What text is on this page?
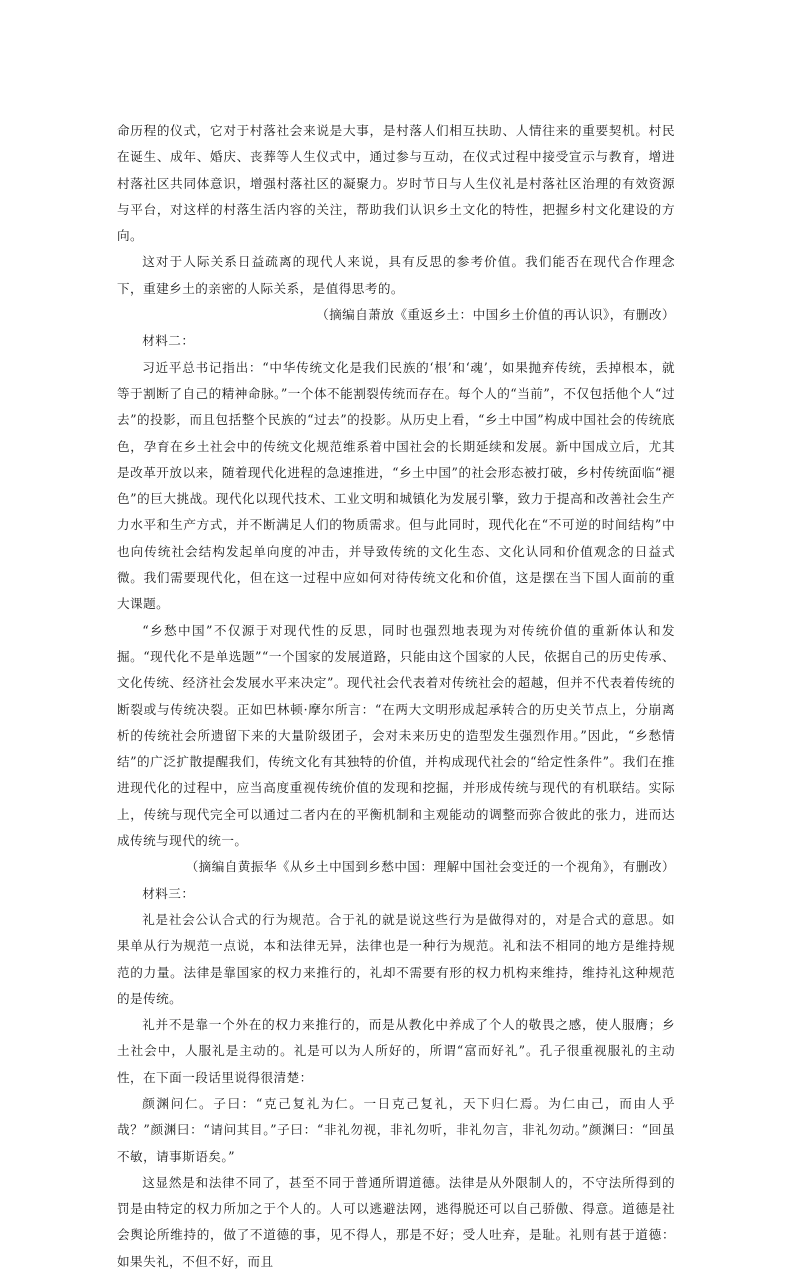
命历程的仪式，它对于村落社会来说是大事，是村落人们相互扶助、人情往来的重要契机。村民在诞生、成年、婚庆、丧葬等人生仪式中，通过参与互动，在仪式过程中接受宣示与教育，增进村落社区共同体意识，增强村落社区的凝聚力。岁时节日与人生仪礼是村落社区治理的有效资源与平台，对这样的村落生活内容的关注，帮助我们认识乡土文化的特性，把握乡村文化建设的方向。

这对于人际关系日益疏离的现代人来说，具有反思的参考价值。我们能否在现代合作理念下，重建乡土的亲密的人际关系，是值得思考的。

（摘编自萧放《重返乡土：中国乡土价值的再认识》，有删改）

材料二：

习近平总书记指出：“中华传统文化是我们民族的‘根’和‘魂’，如果抛弃传统，丢掉根本，就等于割断了自己的精神命脉。”一个体不能割裂传统而存在。每个人的“当前”，不仅包括他个人“过去”的投影，而且包括整个民族的“过去”的投影。从历史上看，“乡土中国”构成中国社会的传统底色，孕育在乡土社会中的传统文化规范维系着中国社会的长期延续和发展。新中国成立后，尤其是改革开放以来，随着现代化进程的急速推进，“乡土中国”的社会形态被打破，乡村传统面临“褪色”的巨大挑战。现代化以现代技术、工业文明和城镇化为发展引擎，致力于提高和改善社会生产力水平和生产方式，并不断满足人们的物质需求。但与此同时，现代化在“不可逆的时间结构”中也向传统社会结构发起单向度的冲击，并导致传统的文化生态、文化认同和价值观念的日益式微。我们需要现代化，但在这一过程中应如何对待传统文化和价值，这是摆在当下国人面前的重大课题。

“乡愁中国”不仅源于对现代性的反思，同时也强烈地表现为对传统价值的重新体认和发掘。“现代化不是单选题”“一个国家的发展道路，只能由这个国家的人民，依据自己的历史传承、文化传统、经济社会发展水平来决定”。现代社会代表着对传统社会的超越，但并不代表着传统的断裂或与传统决裂。正如巴林顿·摩尔所言：“在两大文明形成起承转合的历史关节点上，分崩离析的传统社会所遗留下来的大量阶级团子，会对未来历史的造型发生强烈作用。”因此，“乡愁情结”的广泛扩散提醒我们，传统文化有其独特的价值，并构成现代社会的“给定性条件”。我们在推进现代化的过程中，应当高度重视传统价值的发现和挖掘，并形成传统与现代的有机联结。实际上，传统与现代完全可以通过二者内在的平衡机制和主观能动的调整而弥合彼此的张力，进而达成传统与现代的统一。

（摘编自黄振华《从乡土中国到乡愁中国：理解中国社会变迁的一个视角》，有删改）

材料三：

礼是社会公认合式的行为规范。合于礼的就是说这些行为是做得对的，对是合式的意思。如果单从行为规范一点说，本和法律无异，法律也是一种行为规范。礼和法不相同的地方是维持规范的力量。法律是靠国家的权力来推行的，礼却不需要有形的权力机构来维持，维持礼这种规范的是传统。

礼并不是靠一个外在的权力来推行的，而是从教化中养成了个人的敬畏之感，使人服膺；乡土社会中，人服礼是主动的。礼是可以为人所好的，所谓“富而好礼”。孔子很重视服礼的主动性，在下面一段话里说得很清楚：

颜渊问仁。子曰：“克己复礼为仁。一日克己复礼，天下归仁焉。为仁由己，而由人乎哉？”颜渊曰：“请问其目。”子曰：“非礼勿视，非礼勿听，非礼勿言，非礼勿动。”颜渊曰：“回虽不敏，请事斯语矣。”

这显然是和法律不同了，甚至不同于普通所谓道德。法律是从外限制人的，不守法所得到的罚是由特定的权力所加之于个人的。人可以逃避法网，逃得脱还可以自己骄傲、得意。道德是社会舆论所维持的，做了不道德的事，见不得人，那是不好；受人吐弃，是耻。礼则有甚于道德：如果失礼，不但不好，而且
